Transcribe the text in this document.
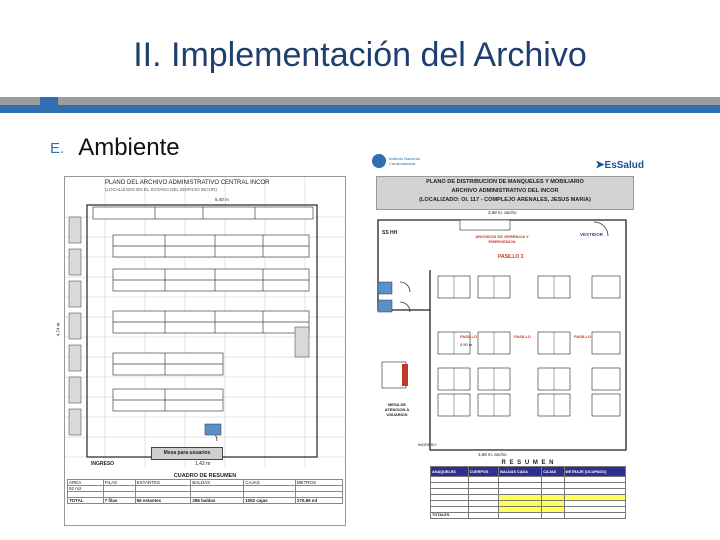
II. Implementación del Archivo
E. Ambiente
PLANO DEL ARCHIVO ADMINISTRATIVO CENTRAL INCOR
(LOCALIZADO EN EL SOTANO DEL EDIFICIO INCOR)
5,40 m
4,74 m
Mesa para usuarios
INGRESO	1,42 m
CUADRO DE RESUMEN
AREA	FILAS	ESTANTES	BALDAS	CAJAS	METROS
92 m2					

TOTAL	7 filas	56 estantes	286 baldas	1052 cajas	270,96 ml
Instituto Nacional Cardiovascular	➤EsSalud
PLANO DE DISTRIBUCION DE MANQUELES Y MOBILIARIO
ARCHIVO ADMINISTRATIVO DEL INCOR
(LOCALIZADO: Ol. 117 - COMPLEJO ARENALES, JESUS MARIA)
3,68 m. ancho
SS HH	VESTIDOR
ARCHIVOS DE GERENCIA Y EMERGENCIA
PASILLO 3
PASILLO	PASILLO	PASILLO
0,50 m.
MESA DE ATENCION A USUARIOS
INGRESO
3,68 m. ancho
R E S U M E N
ANAQUELES	CUERPOS	BALDAS CADA	CAJAS	METRAJE (OCUPADO)

TOTALES				
